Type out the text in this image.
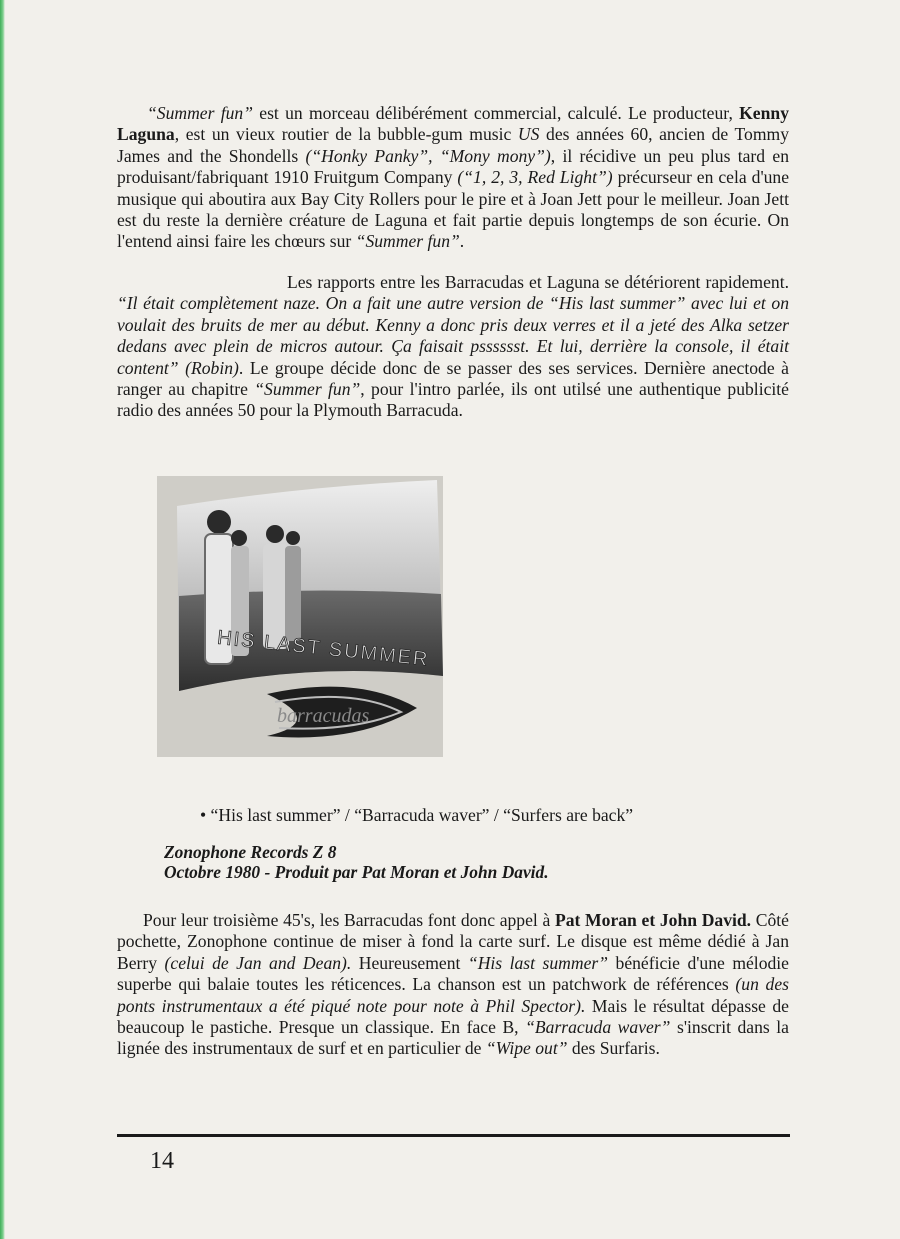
“Summer fun” est un morceau délibérément commercial, calculé. Le producteur, Kenny Laguna, est un vieux routier de la bubble-gum music US des années 60, ancien de Tommy James and the Shondells (“Honky Panky”, “Mony mony”), il récidive un peu plus tard en produisant/fabriquant 1910 Fruitgum Company (“1, 2, 3, Red Light”) précurseur en cela d'une musique qui aboutira aux Bay City Rollers pour le pire et à Joan Jett pour le meilleur. Joan Jett est du reste la dernière créature de Laguna et fait partie depuis longtemps de son écurie. On l'entend ainsi faire les chœurs sur “Summer fun”.

Les rapports entre les Barracudas et Laguna se détériorent rapidement. “Il était complètement naze. On a fait une autre version de “His last summer” avec lui et on voulait des bruits de mer au début. Kenny a donc pris deux verres et il a jeté des Alka setzer dedans avec plein de micros autour. Ça faisait psssssst. Et lui, derrière la console, il était content” (Robin). Le groupe décide donc de se passer des ses services. Dernière anectode à ranger au chapitre “Summer fun”, pour l'intro parlée, ils ont utilsé une authentique publicité radio des années 50 pour la Plymouth Barracuda.

HIS LAST SUMMER
barracudas
• “His last summer” / “Barracuda waver” / “Surfers are back”
Zonophone Records Z 8
Octobre 1980 - Produit par Pat Moran et John David.

Pour leur troisième 45's, les Barracudas font donc appel à Pat Moran et John David. Côté pochette, Zonophone continue de miser à fond la carte surf. Le disque est même dédié à Jan Berry (celui de Jan and Dean). Heureusement “His last summer” bénéficie d'une mélodie superbe qui balaie toutes les réticences. La chanson est un patchwork de références (un des ponts instrumentaux a été piqué note pour note à Phil Spector). Mais le résultat dépasse de beaucoup le pastiche. Presque un classique. En face B, “Barracuda waver” s'inscrit dans la lignée des instrumentaux de surf et en particulier de “Wipe out” des Surfaris.

14
